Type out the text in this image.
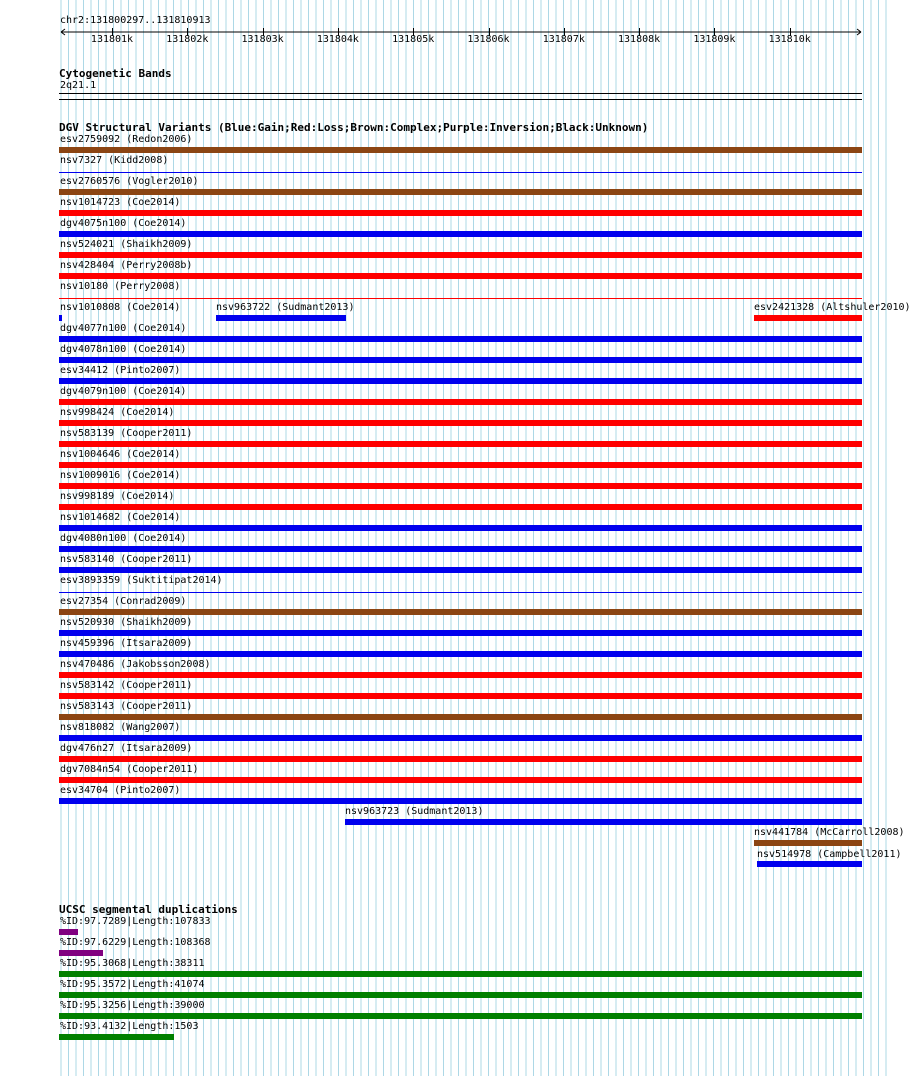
chr2:131800297..131810913
131801k	131802k	131803k	131804k	131805k	131806k	131807k	131808k	131809k	131810k
Cytogenetic Bands
2q21.1
DGV Structural Variants (Blue:Gain;Red:Loss;Brown:Complex;Purple:Inversion;Black:Unknown)
esv2759092 (Redon2006)
nsv7327 (Kidd2008)
esv2760576 (Vogler2010)
nsv1014723 (Coe2014)
dgv4075n100 (Coe2014)
nsv524021 (Shaikh2009)
nsv428404 (Perry2008b)
nsv10180 (Perry2008)
nsv1010808 (Coe2014)
dgv4077n100 (Coe2014)
dgv4078n100 (Coe2014)
esv34412 (Pinto2007)
dgv4079n100 (Coe2014)
nsv998424 (Coe2014)
nsv583139 (Cooper2011)
nsv1004646 (Coe2014)
nsv1009016 (Coe2014)
nsv998189 (Coe2014)
nsv1014682 (Coe2014)
dgv4080n100 (Coe2014)
nsv583140 (Cooper2011)
esv3893359 (Suktitipat2014)
esv27354 (Conrad2009)
nsv520930 (Shaikh2009)
nsv459396 (Itsara2009)
nsv470486 (Jakobsson2008)
nsv583142 (Cooper2011)
nsv583143 (Cooper2011)
nsv818082 (Wang2007)
dgv476n27 (Itsara2009)
dgv7084n54 (Cooper2011)
esv34704 (Pinto2007)
nsv963722 (Sudmant2013)	esv2421328 (Altshuler2010)
nsv963723 (Sudmant2013)
nsv441784 (McCarroll2008)
nsv514978 (Campbell2011)
UCSC segmental duplications
%ID:97.7289|Length:107833
%ID:97.6229|Length:108368
%ID:95.3068|Length:38311
%ID:95.3572|Length:41074
%ID:95.3256|Length:39000
%ID:93.4132|Length:1503
